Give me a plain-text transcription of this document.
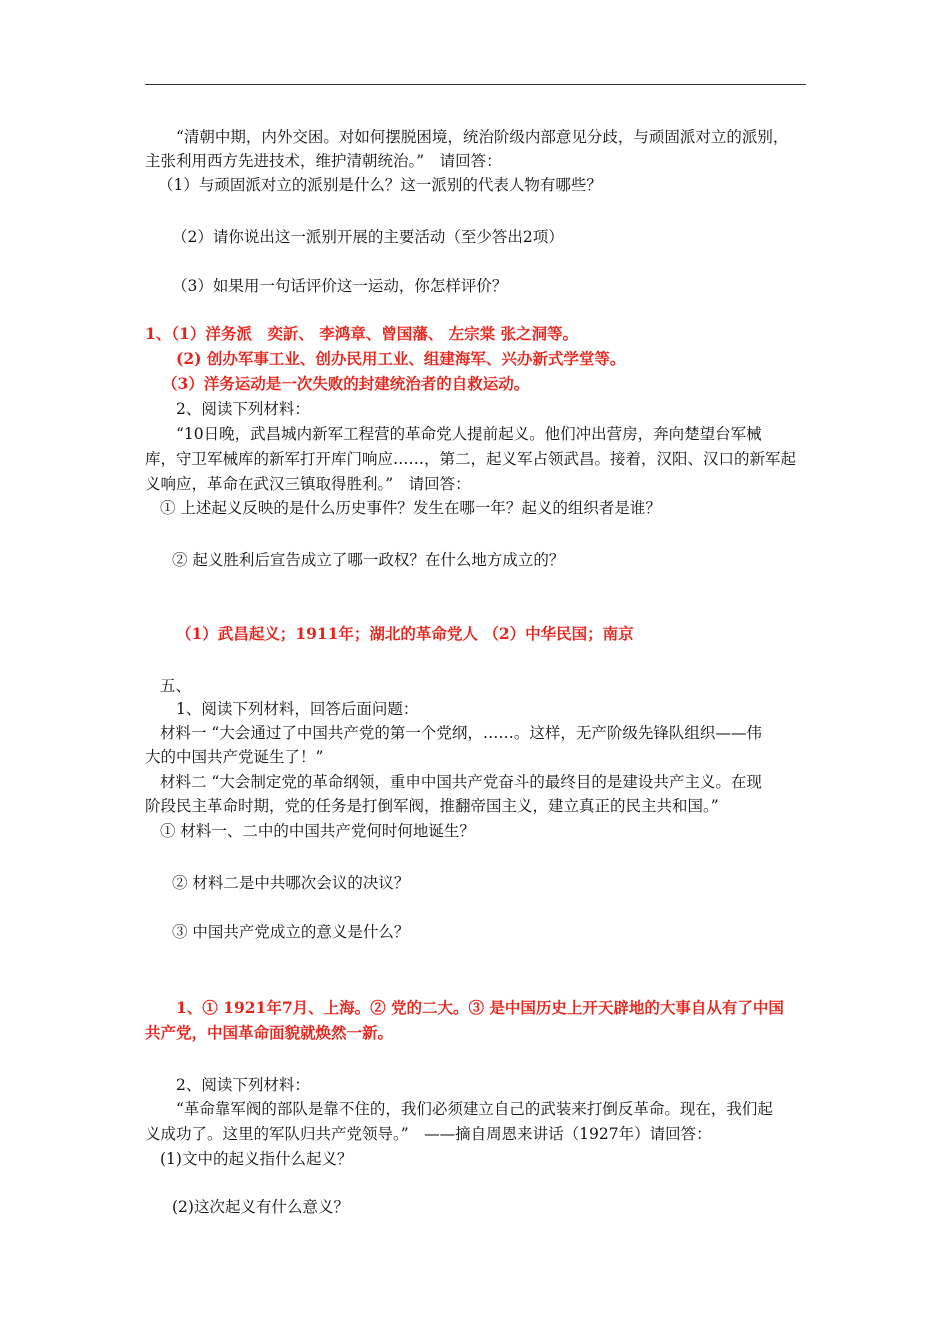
“清朝中期，内外交困。对如何摆脱困境，统治阶级内部意见分歧，与顽固派对立的派别，
主张利用西方先进技术，维护清朝统治。”　请回答：
（1）与顽固派对立的派别是什么？这一派别的代表人物有哪些？
（2）请你说出这一派别开展的主要活动（至少答出2项）
（3）如果用一句话评价这一运动，你怎样评价？
1、（1）洋务派　奕訢、 李鸿章、曾国藩、 左宗棠 张之洞等。
(2) 创办军事工业、创办民用工业、组建海军、兴办新式学堂等。
（3）洋务运动是一次失败的封建统治者的自救运动。
2、阅读下列材料：
“10日晚，武昌城内新军工程营的革命党人提前起义。他们冲出营房，奔向楚望台军械
库，守卫军械库的新军打开库门响应……，第二，起义军占领武昌。接着，汉阳、汉口的新军起
义响应，革命在武汉三镇取得胜利。”　请回答：
① 上述起义反映的是什么历史事件？发生在哪一年？起义的组织者是谁？
② 起义胜利后宣告成立了哪一政权？在什么地方成立的？
（1）武昌起义；1911年；湖北的革命党人 （2）中华民国；南京
五、
1、阅读下列材料，回答后面问题：
材料一 “大会通过了中国共产党的第一个党纲，……。这样，无产阶级先锋队组织——伟
大的中国共产党诞生了！”
材料二 “大会制定党的革命纲领，重申中国共产党奋斗的最终目的是建设共产主义。在现
阶段民主革命时期，党的任务是打倒军阀，推翻帝国主义，建立真正的民主共和国。”
① 材料一、二中的中国共产党何时何地诞生？
② 材料二是中共哪次会议的决议？
③ 中国共产党成立的意义是什么？
1、① 1921年7月、上海。② 党的二大。③ 是中国历史上开天辟地的大事自从有了中国
共产党，中国革命面貌就焕然一新。
2、阅读下列材料：
“革命靠军阀的部队是靠不住的，我们必须建立自己的武装来打倒反革命。现在，我们起
义成功了。这里的军队归共产党领导。”　——摘自周恩来讲话（1927年）请回答：
(1)文中的起义指什么起义？
(2)这次起义有什么意义？
